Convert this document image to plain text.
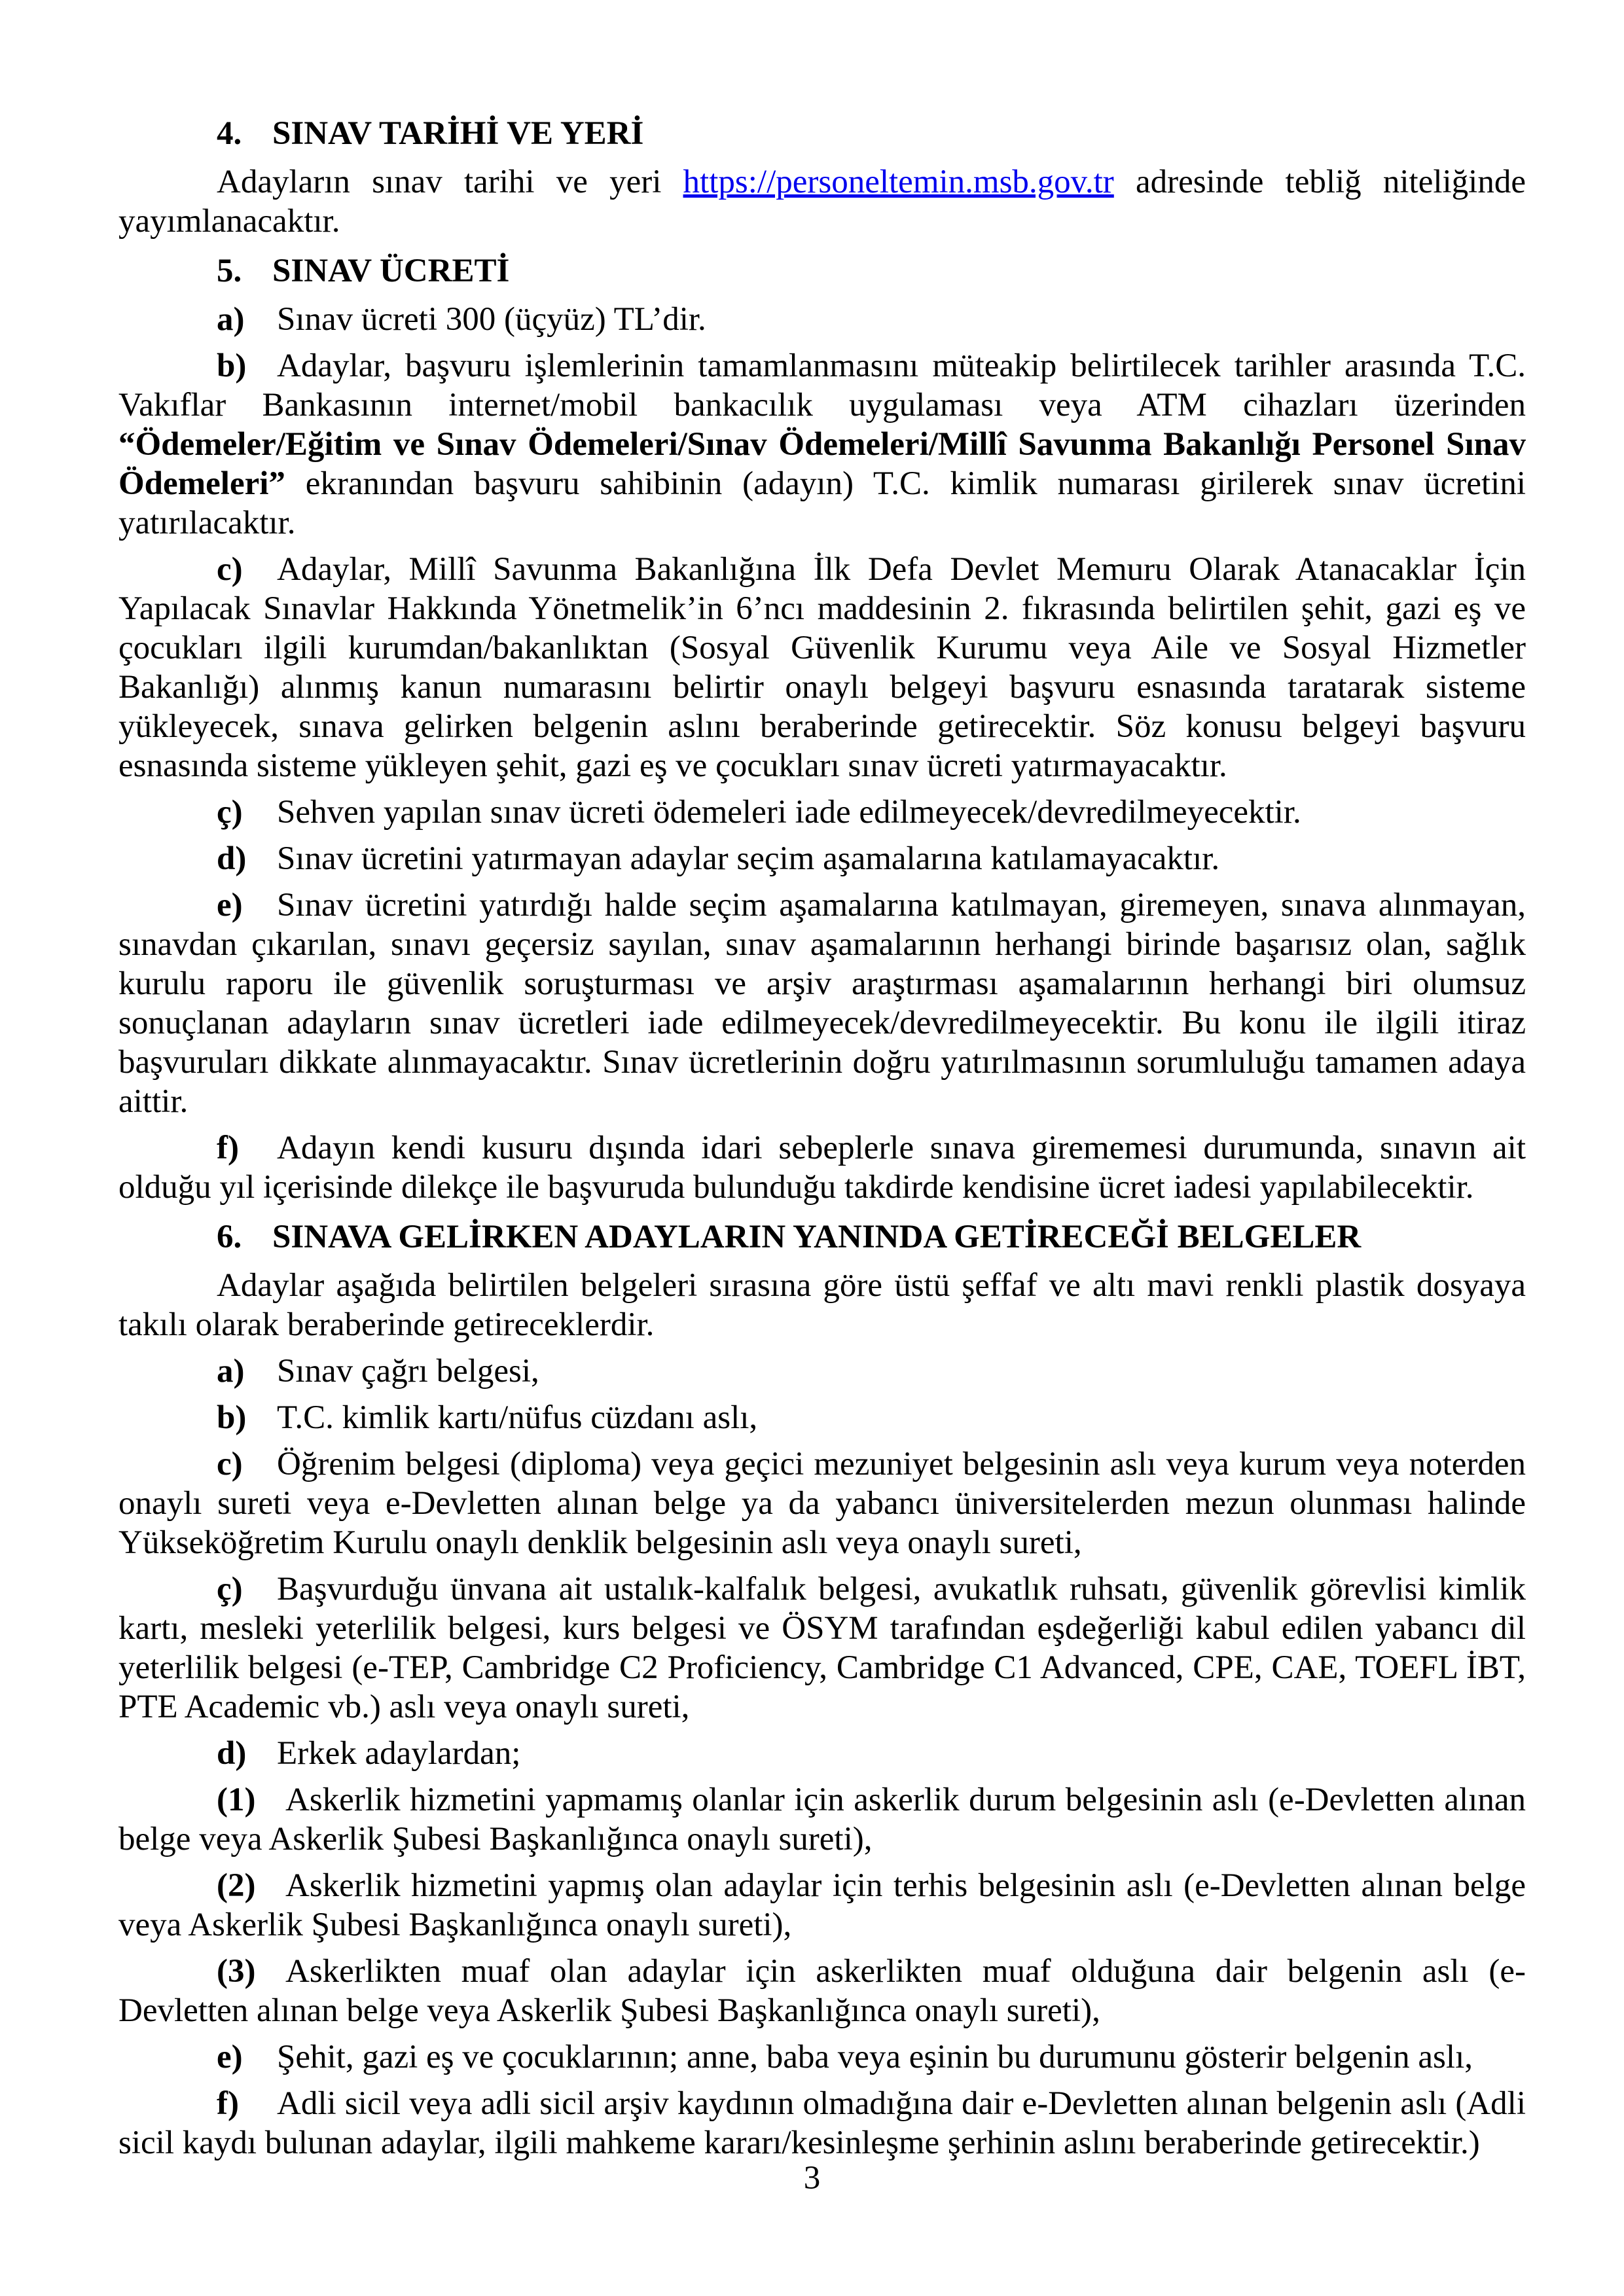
4. SINAV TARİHİ VE YERİ

Adayların sınav tarihi ve yeri https://personeltemin.msb.gov.tr adresinde tebliğ niteliğinde yayımlanacaktır.

5. SINAV ÜCRETİ

a) Sınav ücreti 300 (üçyüz) TL’dir.

b) Adaylar, başvuru işlemlerinin tamamlanmasını müteakip belirtilecek tarihler arasında T.C. Vakıflar Bankasının internet/mobil bankacılık uygulaması veya ATM cihazları üzerinden “Ödemeler/Eğitim ve Sınav Ödemeleri/Sınav Ödemeleri/Millî Savunma Bakanlığı Personel Sınav Ödemeleri” ekranından başvuru sahibinin (adayın) T.C. kimlik numarası girilerek sınav ücretini yatırılacaktır.

c) Adaylar, Millî Savunma Bakanlığına İlk Defa Devlet Memuru Olarak Atanacaklar İçin Yapılacak Sınavlar Hakkında Yönetmelik’in 6’ncı maddesinin 2. fıkrasında belirtilen şehit, gazi eş ve çocukları ilgili kurumdan/bakanlıktan (Sosyal Güvenlik Kurumu veya Aile ve Sosyal Hizmetler Bakanlığı) alınmış kanun numarasını belirtir onaylı belgeyi başvuru esnasında taratarak sisteme yükleyecek, sınava gelirken belgenin aslını beraberinde getirecektir. Söz konusu belgeyi başvuru esnasında sisteme yükleyen şehit, gazi eş ve çocukları sınav ücreti yatırmayacaktır.

ç) Sehven yapılan sınav ücreti ödemeleri iade edilmeyecek/devredilmeyecektir.

d) Sınav ücretini yatırmayan adaylar seçim aşamalarına katılamayacaktır.

e) Sınav ücretini yatırdığı halde seçim aşamalarına katılmayan, giremeyen, sınava alınmayan, sınavdan çıkarılan, sınavı geçersiz sayılan, sınav aşamalarının herhangi birinde başarısız olan, sağlık kurulu raporu ile güvenlik soruşturması ve arşiv araştırması aşamalarının herhangi biri olumsuz sonuçlanan adayların sınav ücretleri iade edilmeyecek/devredilmeyecektir. Bu konu ile ilgili itiraz başvuruları dikkate alınmayacaktır. Sınav ücretlerinin doğru yatırılmasının sorumluluğu tamamen adaya aittir.

f) Adayın kendi kusuru dışında idari sebeplerle sınava girememesi durumunda, sınavın ait olduğu yıl içerisinde dilekçe ile başvuruda bulunduğu takdirde kendisine ücret iadesi yapılabilecektir.

6. SINAVA GELİRKEN ADAYLARIN YANINDA GETİRECEĞİ BELGELER

Adaylar aşağıda belirtilen belgeleri sırasına göre üstü şeffaf ve altı mavi renkli plastik dosyaya takılı olarak beraberinde getireceklerdir.

a) Sınav çağrı belgesi,

b) T.C. kimlik kartı/nüfus cüzdanı aslı,

c) Öğrenim belgesi (diploma) veya geçici mezuniyet belgesinin aslı veya kurum veya noterden onaylı sureti veya e-Devletten alınan belge ya da yabancı üniversitelerden mezun olunması halinde Yükseköğretim Kurulu onaylı denklik belgesinin aslı veya onaylı sureti,

ç) Başvurduğu ünvana ait ustalık-kalfalık belgesi, avukatlık ruhsatı, güvenlik görevlisi kimlik kartı, mesleki yeterlilik belgesi, kurs belgesi ve ÖSYM tarafından eşdeğerliği kabul edilen yabancı dil yeterlilik belgesi (e-TEP, Cambridge C2 Proficiency, Cambridge C1 Advanced, CPE, CAE, TOEFL İBT, PTE Academic vb.) aslı veya onaylı sureti,

d) Erkek adaylardan;

(1) Askerlik hizmetini yapmamış olanlar için askerlik durum belgesinin aslı (e-Devletten alınan belge veya Askerlik Şubesi Başkanlığınca onaylı sureti),

(2) Askerlik hizmetini yapmış olan adaylar için terhis belgesinin aslı (e-Devletten alınan belge veya Askerlik Şubesi Başkanlığınca onaylı sureti),

(3) Askerlikten muaf olan adaylar için askerlikten muaf olduğuna dair belgenin aslı (e-Devletten alınan belge veya Askerlik Şubesi Başkanlığınca onaylı sureti),

e) Şehit, gazi eş ve çocuklarının; anne, baba veya eşinin bu durumunu gösterir belgenin aslı,

f) Adli sicil veya adli sicil arşiv kaydının olmadığına dair e-Devletten alınan belgenin aslı (Adli sicil kaydı bulunan adaylar, ilgili mahkeme kararı/kesinleşme şerhinin aslını beraberinde getirecektir.)

3
